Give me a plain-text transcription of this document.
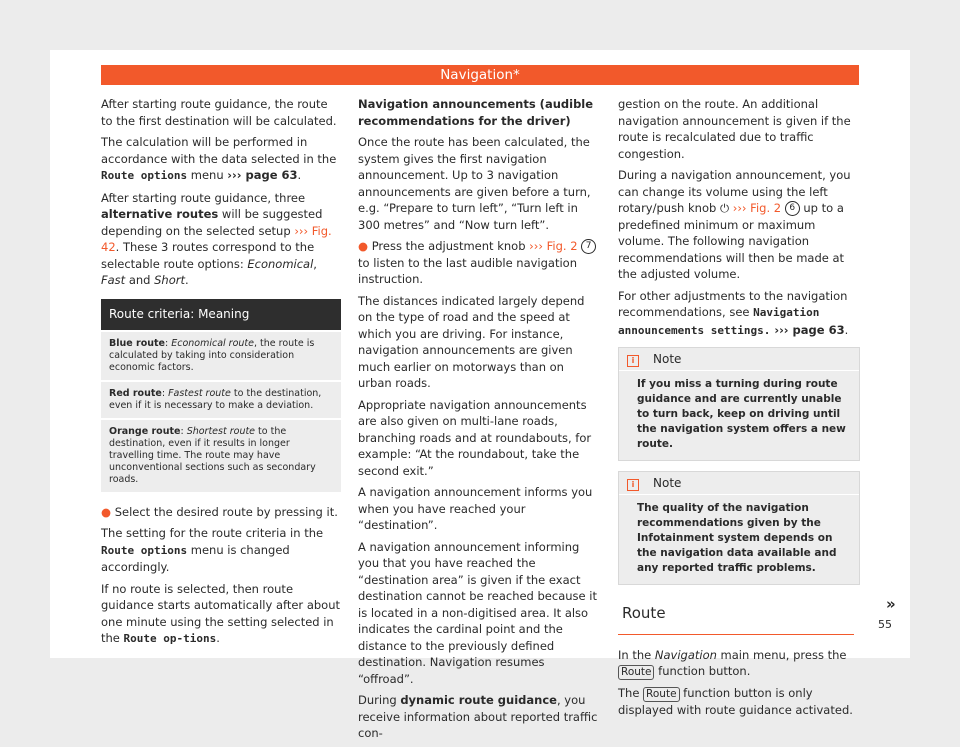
Navigation*

After starting route guidance, the route to the first destination will be calculated.

The calculation will be performed in accordance with the data selected in the Route options menu ››› page 63.

After starting route guidance, three alternative routes will be suggested depending on the selected setup ››› Fig. 42. These 3 routes correspond to the selectable route options: Economical, Fast and Short.

Route criteria: Meaning
Blue route: Economical route, the route is calculated by taking into consideration economic factors.
Red route: Fastest route to the destination, even if it is necessary to make a deviation.
Orange route: Shortest route to the destination, even if it results in longer travelling time. The route may have unconventional sections such as secondary roads.

● Select the desired route by pressing it.

The setting for the route criteria in the Route options menu is changed accordingly.

If no route is selected, then route guidance starts automatically after about one minute using the setting selected in the Route op-tions.

Navigation announcements (audible recommendations for the driver)

Once the route has been calculated, the system gives the first navigation announcement. Up to 3 navigation announcements are given before a turn, e.g. “Prepare to turn left”, “Turn left in 300 metres” and “Now turn left”.

● Press the adjustment knob ››› Fig. 2 7 to listen to the last audible navigation instruction.

The distances indicated largely depend on the type of road and the speed at which you are driving. For instance, navigation announcements are given much earlier on motorways than on urban roads.

Appropriate navigation announcements are also given on multi-lane roads, branching roads and at roundabouts, for example: “At the roundabout, take the second exit.”

A navigation announcement informs you when you have reached your “destination”.

A navigation announcement informing you that you have reached the “destination area” is given if the exact destination cannot be reached because it is located in a non-digitised area. It also indicates the cardinal point and the distance to the previously defined destination. Navigation resumes “offroad”.

During dynamic route guidance, you receive information about reported traffic con-

gestion on the route. An additional navigation announcement is given if the route is recalculated due to traffic congestion.

During a navigation announcement, you can change its volume using the left rotary/push knob ⏻ ››› Fig. 2 6 up to a predefined minimum or maximum volume. The following navigation recommendations will then be made at the adjusted volume.

For other adjustments to the navigation recommendations, see Navigation announcements settings. ››› page 63.

i Note
If you miss a turning during route guidance and are currently unable to turn back, keep on driving until the navigation system offers a new route.
i Note
The quality of the navigation recommendations given by the Infotainment system depends on the navigation data available and any reported traffic problems.
Route

In the Navigation main menu, press the Route function button.

The Route function button is only displayed with route guidance activated.

»
55
